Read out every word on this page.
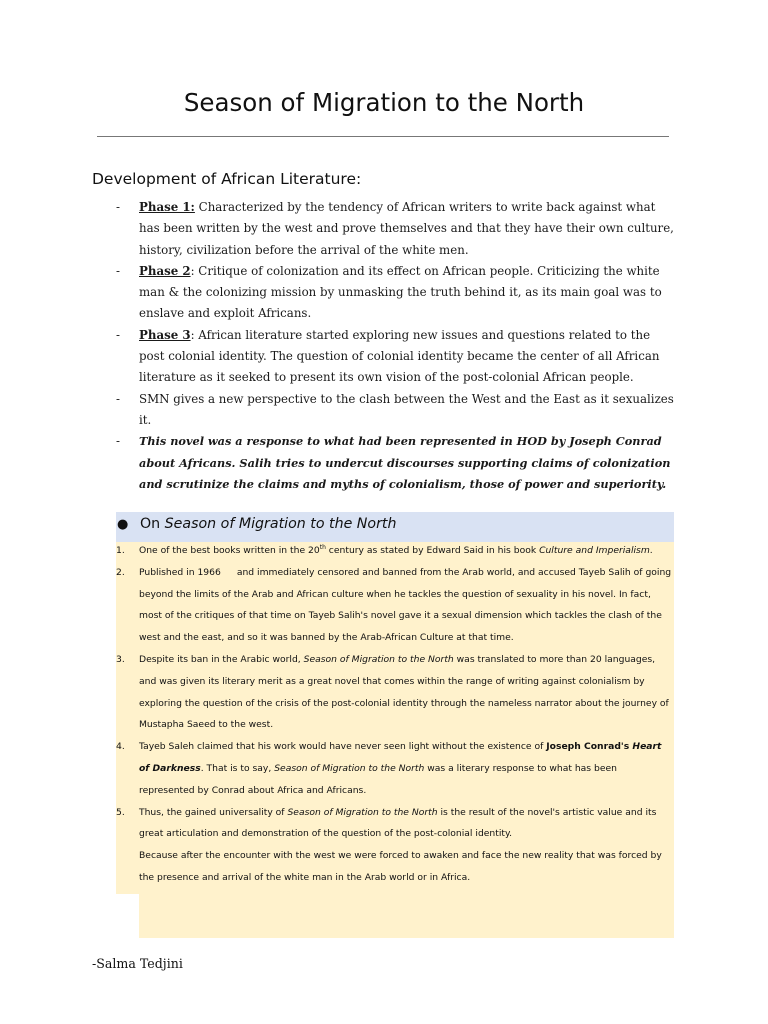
Season of Migration to the North
Development of African Literature:
- Phase 1: Characterized by the tendency of African writers to write back against what has been written by the west and prove themselves and that they have their own culture, history, civilization before the arrival of the white men.
- Phase 2: Critique of colonization and its effect on African people. Criticizing the white man & the colonizing mission by unmasking the truth behind it, as its main goal was to enslave and exploit Africans.
- Phase 3: African literature started exploring new issues and questions related to the post colonial identity. The question of colonial identity became the center of all African literature as it seeked to present its own vision of the post-colonial African people.
- SMN gives a new perspective to the clash between the West and the East as it sexualizes it.
- This novel was a response to what had been represented in HOD by Joseph Conrad about Africans. Salih tries to undercut discourses supporting claims of colonization and scrutinize the claims and myths of colonialism, those of power and superiority.
● On Season of Migration to the North
1. One of the best books written in the 20th century as stated by Edward Said in his book Culture and Imperialism.
2. Published in 1966 and immediately censored and banned from the Arab world, and accused Tayeb Salih of going beyond the limits of the Arab and African culture when he tackles the question of sexuality in his novel. In fact, most of the critiques of that time on Tayeb Salih's novel gave it a sexual dimension which tackles the clash of the west and the east, and so it was banned by the Arab-African Culture at that time.
3. Despite its ban in the Arabic world, Season of Migration to the North was translated to more than 20 languages, and was given its literary merit as a great novel that comes within the range of writing against colonialism by exploring the question of the crisis of the post-colonial identity through the nameless narrator about the journey of Mustapha Saeed to the west.
4. Tayeb Saleh claimed that his work would have never seen light without the existence of Joseph Conrad's Heart of Darkness. That is to say, Season of Migration to the North was a literary response to what has been represented by Conrad about Africa and Africans.
5. Thus, the gained universality of Season of Migration to the North is the result of the novel's artistic value and its great articulation and demonstration of the question of the post-colonial identity.
Because after the encounter with the west we were forced to awaken and face the new reality that was forced by the presence and arrival of the white man in the Arab world or in Africa.
-Salma Tedjini
